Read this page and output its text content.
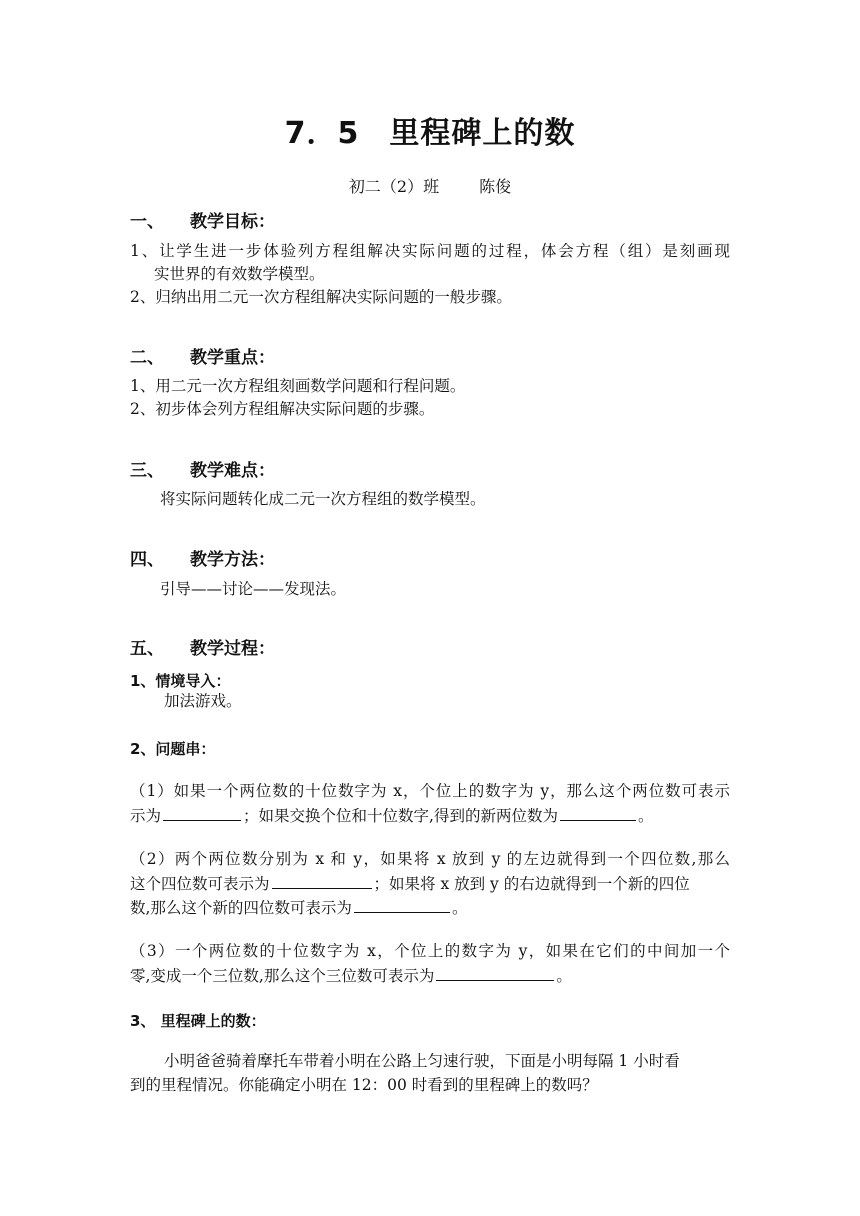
7．5 里程碑上的数
初二（2）班	陈俊
一、 教学目标：
1、让学生进一步体验列方程组解决实际问题的过程，体会方程（组）是刻画现
实世界的有效数学模型。
2、归纳出用二元一次方程组解决实际问题的一般步骤。
二、 教学重点：
1、用二元一次方程组刻画数学问题和行程问题。
2、初步体会列方程组解决实际问题的步骤。
三、 教学难点：
将实际问题转化成二元一次方程组的数学模型。
四、 教学方法：
引导——讨论——发现法。
五、 教学过程：
1、情境导入：
加法游戏。
2、问题串：
（1）如果一个两位数的十位数字为 x，个位上的数字为 y，那么这个两位数可表示
示为	；如果交换个位和十位数字,得到的新两位数为	。
（2）两个两位数分别为 x 和 y，如果将 x 放到 y 的左边就得到一个四位数,那么
这个四位数可表示为	；如果将 x 放到 y 的右边就得到一个新的四位
数,那么这个新的四位数可表示为	。
（3）一个两位数的十位数字为 x，个位上的数字为 y，如果在它们的中间加一个
零,变成一个三位数,那么这个三位数可表示为	。
3、 里程碑上的数：
小明爸爸骑着摩托车带着小明在公路上匀速行驶，下面是小明每隔 1 小时看
到的里程情况。你能确定小明在 12：00 时看到的里程碑上的数吗？
